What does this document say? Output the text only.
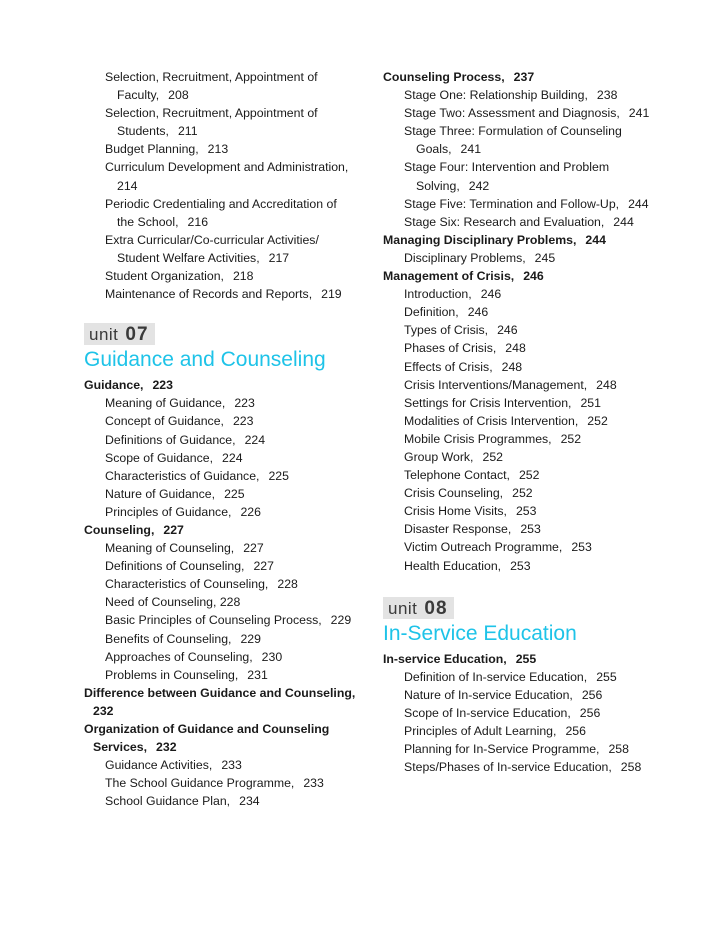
Selection, Recruitment, Appointment of
Faculty, 208
Selection, Recruitment, Appointment of
Students, 211
Budget Planning, 213
Curriculum Development and Administration,
214
Periodic Credentialing and Accreditation of
the School, 216
Extra Curricular/Co-curricular Activities/
Student Welfare Activities, 217
Student Organization, 218
Maintenance of Records and Reports, 219
unit 07
Guidance and Counseling
Guidance, 223
Meaning of Guidance, 223
Concept of Guidance, 223
Definitions of Guidance, 224
Scope of Guidance, 224
Characteristics of Guidance, 225
Nature of Guidance, 225
Principles of Guidance, 226
Counseling, 227
Meaning of Counseling, 227
Definitions of Counseling, 227
Characteristics of Counseling, 228
Need of Counseling, 228
Basic Principles of Counseling Process, 229
Benefits of Counseling, 229
Approaches of Counseling, 230
Problems in Counseling, 231
Difference between Guidance and Counseling,
232
Organization of Guidance and Counseling
Services, 232
Guidance Activities, 233
The School Guidance Programme, 233
School Guidance Plan, 234
Counseling Process, 237
Stage One: Relationship Building, 238
Stage Two: Assessment and Diagnosis, 241
Stage Three: Formulation of Counseling
Goals, 241
Stage Four: Intervention and Problem
Solving, 242
Stage Five: Termination and Follow-Up, 244
Stage Six: Research and Evaluation, 244
Managing Disciplinary Problems, 244
Disciplinary Problems, 245
Management of Crisis, 246
Introduction, 246
Definition, 246
Types of Crisis, 246
Phases of Crisis, 248
Effects of Crisis, 248
Crisis Interventions/Management, 248
Settings for Crisis Intervention, 251
Modalities of Crisis Intervention, 252
Mobile Crisis Programmes, 252
Group Work, 252
Telephone Contact, 252
Crisis Counseling, 252
Crisis Home Visits, 253
Disaster Response, 253
Victim Outreach Programme, 253
Health Education, 253
unit 08
In-Service Education
In-service Education, 255
Definition of In-service Education, 255
Nature of In-service Education, 256
Scope of In-service Education, 256
Principles of Adult Learning, 256
Planning for In-Service Programme, 258
Steps/Phases of In-service Education, 258
